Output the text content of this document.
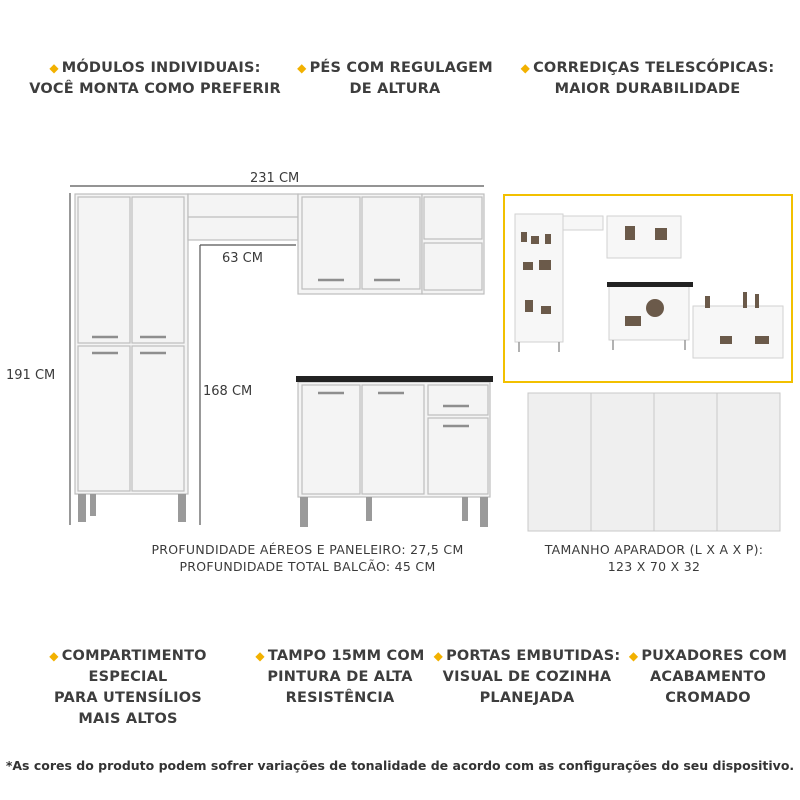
◆ MÓDULOS INDIVIDUAIS:
VOCÊ MONTA COMO PREFERIR
◆ PÉS COM REGULAGEM
DE ALTURA
◆ CORREDIÇAS TELESCÓPICAS:
MAIOR DURABILIDADE
231 CM
63 CM
191 CM
168 CM
PROFUNDIDADE AÉREOS E PANELEIRO: 27,5 CM
PROFUNDIDADE TOTAL BALCÃO: 45 CM
TAMANHO APARADOR (L X A X P):
123 X 70 X 32
◆ COMPARTIMENTO ESPECIAL
PARA UTENSÍLIOS
MAIS ALTOS
◆ TAMPO 15MM COM
PINTURA DE ALTA
RESISTÊNCIA
◆ PORTAS EMBUTIDAS:
VISUAL DE COZINHA
PLANEJADA
◆ PUXADORES COM
ACABAMENTO
CROMADO
*As cores do produto podem sofrer variações de tonalidade de acordo com as configurações do seu dispositivo.
